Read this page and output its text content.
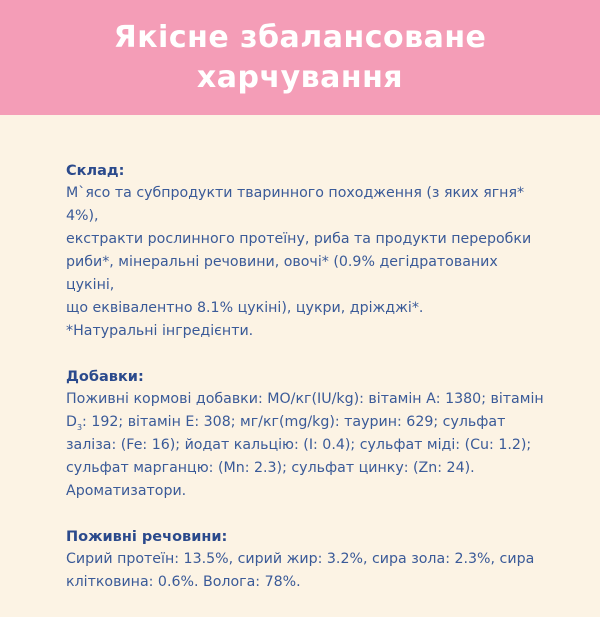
Якісне збалансоване
харчування
Склад:

М`ясо та субпродукти тваринного походження (з яких ягня* 4%),
екстракти рослинного протеїну, риба та продукти переробки
риби*, мінеральні речовини, овочі* (0.9% дегідратованих цукіні,
що еквівалентно 8.1% цукіні), цукри, дріжджі*.
*Натуральні інгредієнти.

Добавки:

Поживні кормові добавки: МО/кг(IU/kg): вітамін А: 1380; вітамін
$D_3$: 192; вітамін Е: 308; мг/кг(mg/kg): таурин: 629; сульфат
заліза: (Fe: 16); йодат кальцію: (I: 0.4); сульфат міді: (Cu: 1.2);
сульфат марганцю: (Mn: 2.3); сульфат цинку: (Zn: 24).
Ароматизатори.

Поживні речовини:

Сирий протеїн: 13.5%, сирий жир: 3.2%, сира зола: 2.3%, сира
клітковина: 0.6%. Волога: 78%.
